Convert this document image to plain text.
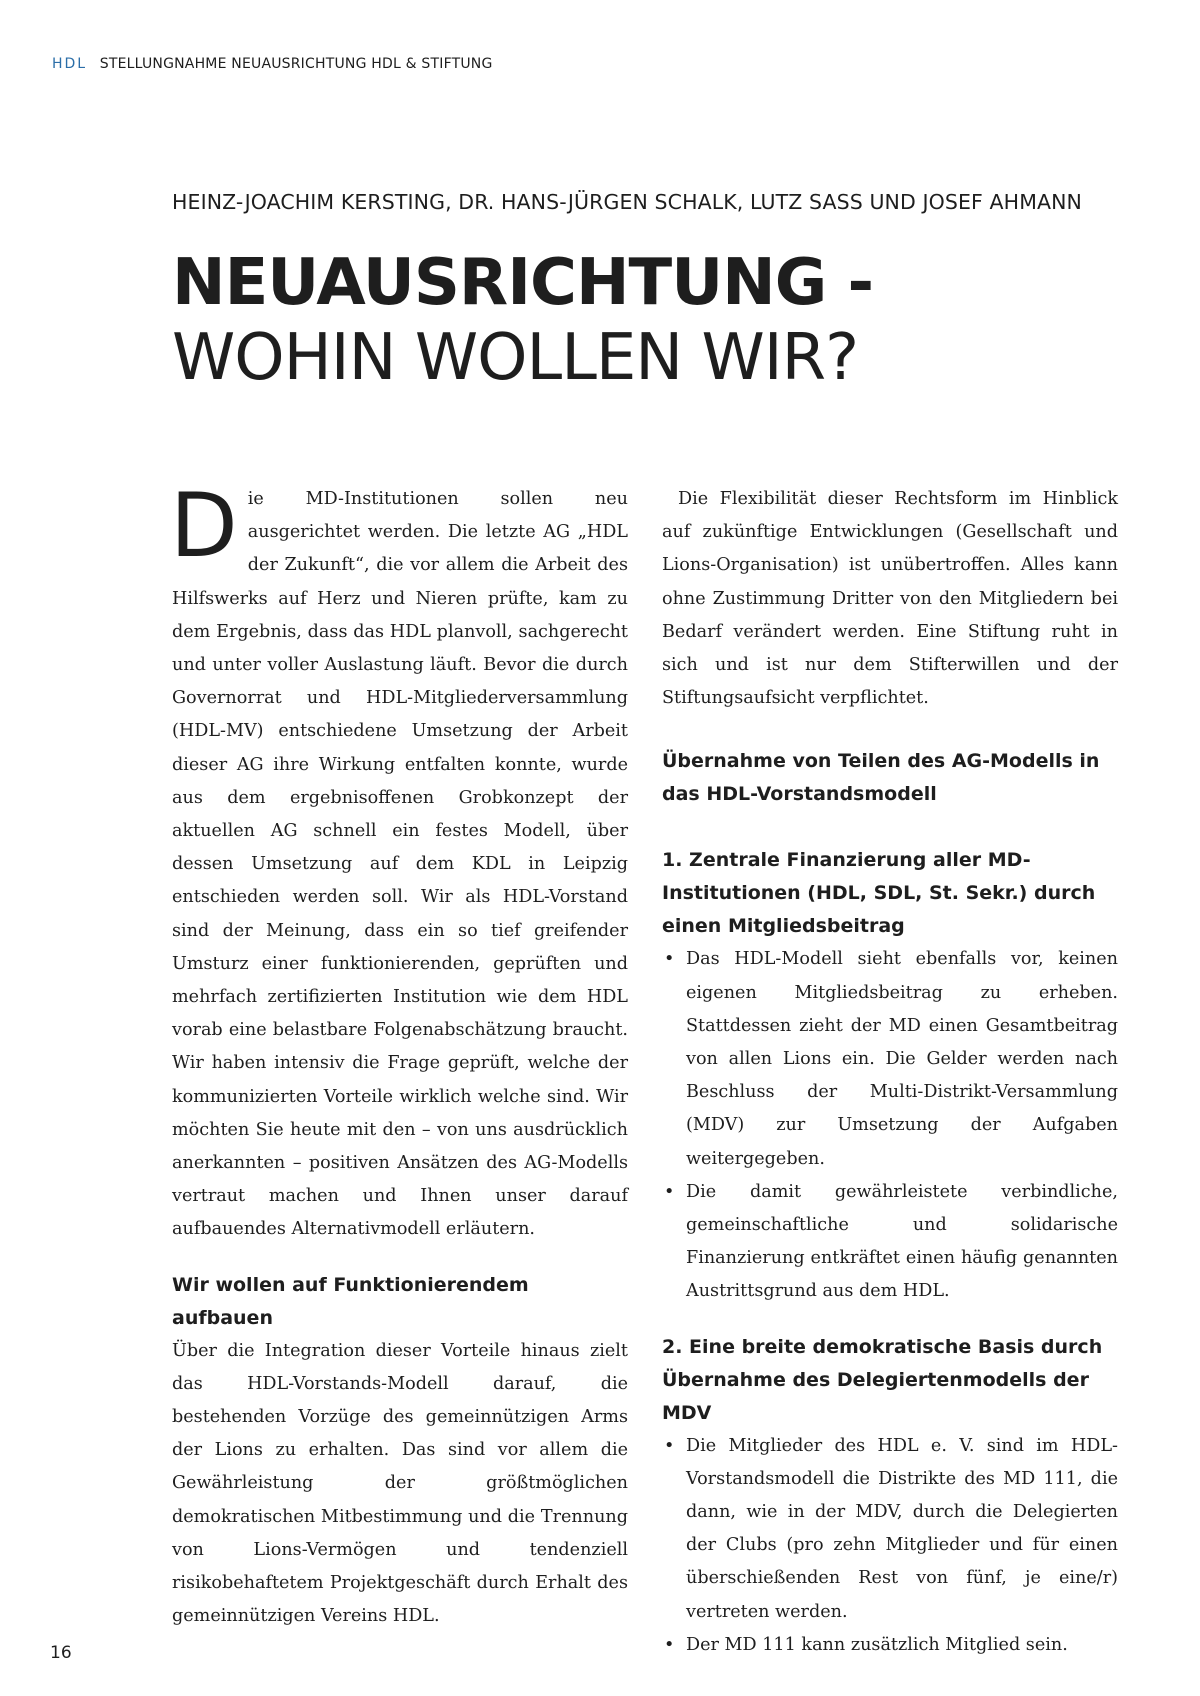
HDL STELLUNGNAHME NEUAUSRICHTUNG HDL & STIFTUNG
HEINZ-JOACHIM KERSTING, DR. HANS-JÜRGEN SCHALK, LUTZ SASS UND JOSEF AHMANN
NEUAUSRICHTUNG -
WOHIN WOLLEN WIR?

Die MD-Institutionen sollen neu ausgerichtet werden. Die letzte AG „HDL der Zukunft“, die vor allem die Arbeit des Hilfswerks auf Herz und Nieren prüfte, kam zu dem Ergebnis, dass das HDL planvoll, sachgerecht und unter voller Auslastung läuft. Bevor die durch Governorrat und HDL-Mitgliederversammlung (HDL-MV) entschiedene Umsetzung der Arbeit dieser AG ihre Wirkung entfalten konnte, wurde aus dem ergebnisoffenen Grobkonzept der aktuellen AG schnell ein festes Modell, über dessen Umsetzung auf dem KDL in Leipzig entschieden werden soll. Wir als HDL-Vorstand sind der Meinung, dass ein so tief greifender Umsturz einer funktionierenden, geprüften und mehrfach zertifizierten Institution wie dem HDL vorab eine belastbare Folgenabschätzung braucht. Wir haben intensiv die Frage geprüft, welche der kommunizierten Vorteile wirklich welche sind. Wir möchten Sie heute mit den – von uns ausdrücklich anerkannten – positiven Ansätzen des AG-Modells vertraut machen und Ihnen unser darauf aufbauendes Alternativmodell erläutern.

Wir wollen auf Funktionierendem aufbauen

Über die Integration dieser Vorteile hinaus zielt das HDL-Vorstands-Modell darauf, die bestehenden Vorzüge des gemeinnützigen Arms der Lions zu erhalten. Das sind vor allem die Gewährleistung der größtmöglichen demokratischen Mitbestimmung und die Trennung von Lions-Vermögen und tendenziell risikobehaftetem Projektgeschäft durch Erhalt des gemeinnützigen Vereins HDL.

Die Flexibilität dieser Rechtsform im Hinblick auf zukünftige Entwicklungen (Gesellschaft und Lions-Organisation) ist unübertroffen. Alles kann ohne Zustimmung Dritter von den Mitgliedern bei Bedarf verändert werden. Eine Stiftung ruht in sich und ist nur dem Stifterwillen und der Stiftungsaufsicht verpflichtet.

Übernahme von Teilen des AG-Modells in das HDL-Vorstandsmodell
1. Zentrale Finanzierung aller MD-Institutionen (HDL, SDL, St. Sekr.) durch einen Mitgliedsbeitrag
• Das HDL-Modell sieht ebenfalls vor, keinen eigenen Mitgliedsbeitrag zu erheben. Stattdessen zieht der MD einen Gesamtbeitrag von allen Lions ein. Die Gelder werden nach Beschluss der Multi-Distrikt-Versammlung (MDV) zur Umsetzung der Aufgaben weitergegeben.
• Die damit gewährleistete verbindliche, gemeinschaftliche und solidarische Finanzierung entkräftet einen häufig genannten Austrittsgrund aus dem HDL.
2. Eine breite demokratische Basis durch Übernahme des Delegiertenmodells der MDV
• Die Mitglieder des HDL e. V. sind im HDL-Vorstandsmodell die Distrikte des MD 111, die dann, wie in der MDV, durch die Delegierten der Clubs (pro zehn Mitglieder und für einen überschießenden Rest von fünf, je eine/r) vertreten werden.
• Der MD 111 kann zusätzlich Mitglied sein.
16
